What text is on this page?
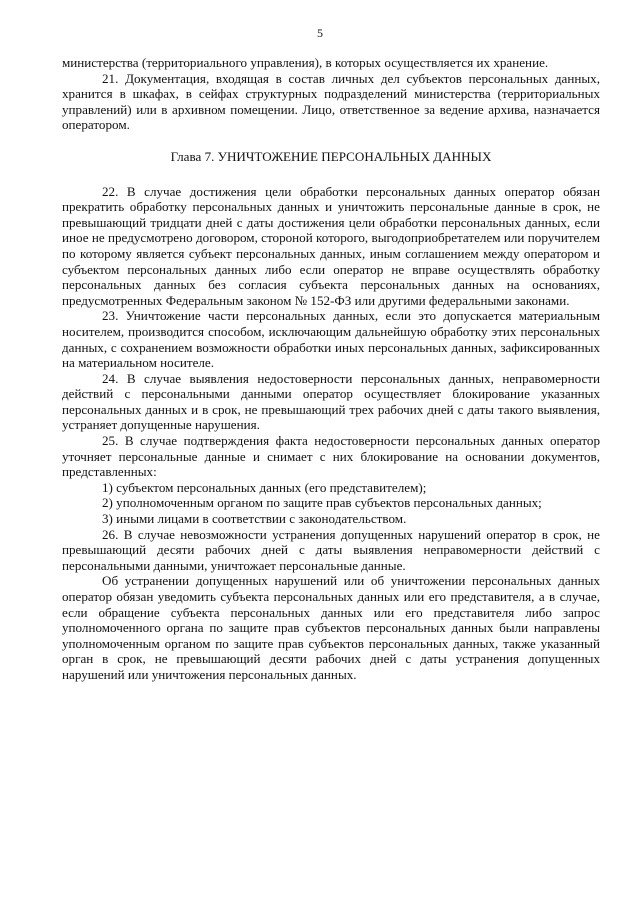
5

министерства (территориального управления), в которых осуществляется их хранение.

21. Документация, входящая в состав личных дел субъектов персональных данных, хранится в шкафах, в сейфах структурных подразделений министерства (территориальных управлений) или в архивном помещении. Лицо, ответственное за ведение архива, назначается оператором.

Глава 7. УНИЧТОЖЕНИЕ ПЕРСОНАЛЬНЫХ ДАННЫХ

22. В случае достижения цели обработки персональных данных оператор обязан прекратить обработку персональных данных и уничтожить персональные данные в срок, не превышающий тридцати дней с даты достижения цели обработки персональных данных, если иное не предусмотрено договором, стороной которого, выгодоприобретателем или поручителем по которому является субъект персональных данных, иным соглашением между оператором и субъектом персональных данных либо если оператор не вправе осуществлять обработку персональных данных без согласия субъекта персональных данных на основаниях, предусмотренных Федеральным законом № 152-ФЗ или другими федеральными законами.

23. Уничтожение части персональных данных, если это допускается материальным носителем, производится способом, исключающим дальнейшую обработку этих персональных данных, с сохранением возможности обработки иных персональных данных, зафиксированных на материальном носителе.

24. В случае выявления недостоверности персональных данных, неправомерности действий с персональными данными оператор осуществляет блокирование указанных персональных данных и в срок, не превышающий трех рабочих дней с даты такого выявления, устраняет допущенные нарушения.

25. В случае подтверждения факта недостоверности персональных данных оператор уточняет персональные данные и снимает с них блокирование на основании документов, представленных:

1) субъектом персональных данных (его представителем);

2) уполномоченным органом по защите прав субъектов персональных данных;

3) иными лицами в соответствии с законодательством.

26. В случае невозможности устранения допущенных нарушений оператор в срок, не превышающий десяти рабочих дней с даты выявления неправомерности действий с персональными данными, уничтожает персональные данные.

Об устранении допущенных нарушений или об уничтожении персональных данных оператор обязан уведомить субъекта персональных данных или его представителя, а в случае, если обращение субъекта персональных данных или его представителя либо запрос уполномоченного органа по защите прав субъектов персональных данных были направлены уполномоченным органом по защите прав субъектов персональных данных, также указанный орган в срок, не превышающий десяти рабочих дней с даты устранения допущенных нарушений или уничтожения персональных данных.
